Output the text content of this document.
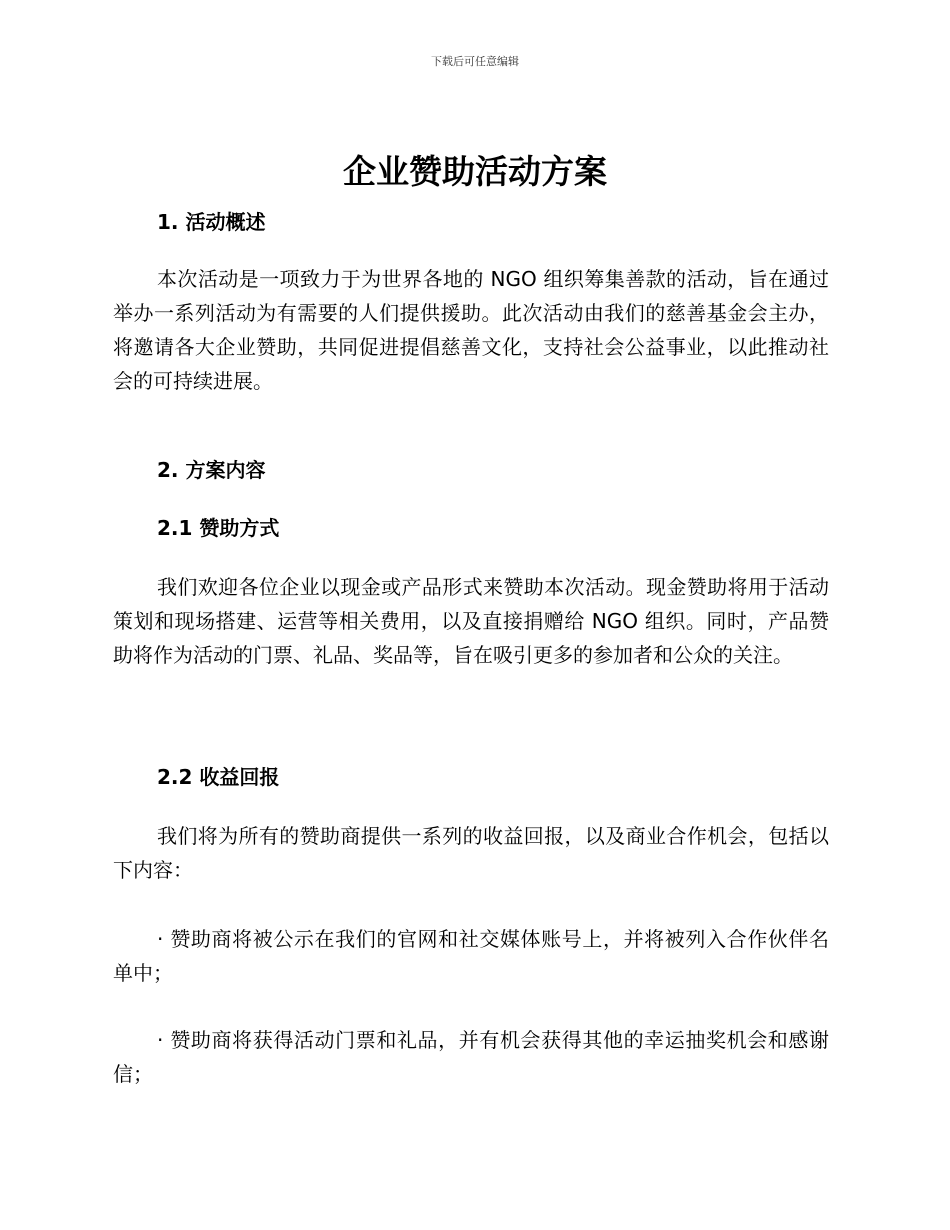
下载后可任意编辑
企业赞助活动方案
1. 活动概述
本次活动是一项致力于为世界各地的 NGO 组织筹集善款的活动，旨在通过举办一系列活动为有需要的人们提供援助。此次活动由我们的慈善基金会主办，将邀请各大企业赞助，共同促进提倡慈善文化，支持社会公益事业，以此推动社会的可持续进展。
2. 方案内容
2.1 赞助方式
我们欢迎各位企业以现金或产品形式来赞助本次活动。现金赞助将用于活动策划和现场搭建、运营等相关费用，以及直接捐赠给 NGO 组织。同时，产品赞助将作为活动的门票、礼品、奖品等，旨在吸引更多的参加者和公众的关注。
2.2 收益回报
我们将为所有的赞助商提供一系列的收益回报，以及商业合作机会，包括以下内容：
· 赞助商将被公示在我们的官网和社交媒体账号上，并将被列入合作伙伴名单中；
· 赞助商将获得活动门票和礼品，并有机会获得其他的幸运抽奖机会和感谢信；
